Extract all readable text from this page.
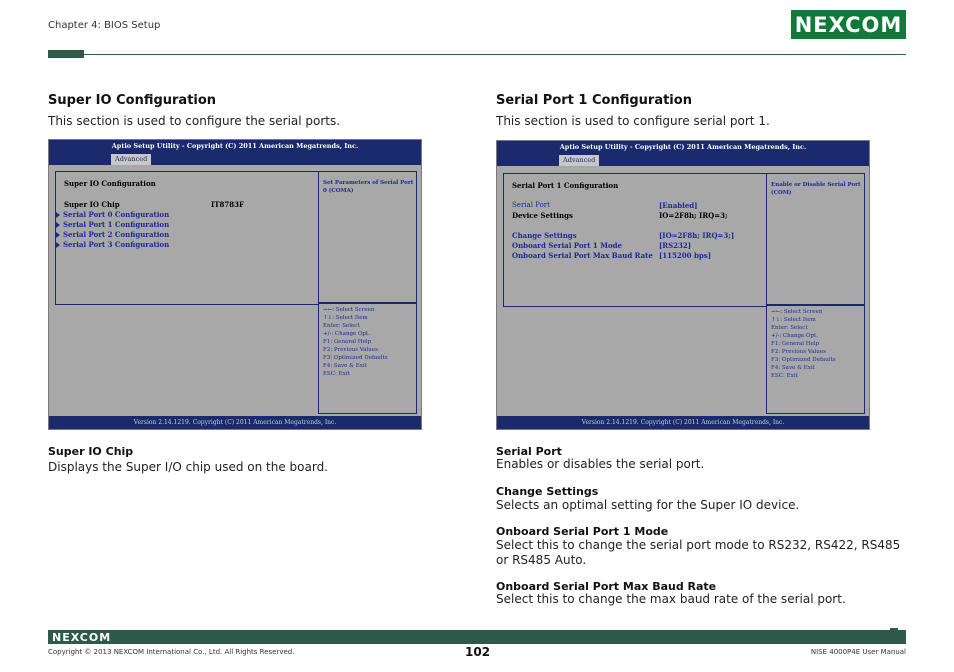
Chapter 4: BIOS Setup	NEXCOM
Super IO Configuration
This section is used to configure the serial ports.
Aptio Setup Utility - Copyright (C) 2011 American Megatrends, Inc.
Advanced
Super IO Configuration
Super IO Chip	IT8783F
Serial Port 0 Configuration
Serial Port 1 Configuration
Serial Port 2 Configuration
Serial Port 3 Configuration
Set Parameters of Serial Port
0 (COMA)
→←: Select Screen
↑↓: Select Item
Enter: Select
+/-: Change Opt.
F1: General Help
F2: Previous Values
F3: Optimized Defaults
F4: Save & Exit
ESC: Exit
Version 2.14.1219. Copyright (C) 2011 American Megatrends, Inc.
Super IO Chip
Displays the Super I/O chip used on the board.
Serial Port 1 Configuration
This section is used to configure serial port 1.
Aptio Setup Utility - Copyright (C) 2011 American Megatrends, Inc.
Advanced
Serial Port 1 Configuration
Serial Port	[Enabled]
Device Settings	IO=2F8h; IRQ=3;
Change Settings	[IO=2F8h; IRQ=3;]
Onboard Serial Port 1 Mode	[RS232]
Onboard Serial Port Max Baud Rate [115200 bps]
Enable or Disable Serial Port
(COM)
→←: Select Screen
↑↓: Select Item
Enter: Select
+/-: Change Opt.
F1: General Help
F2: Previous Values
F3: Optimized Defaults
F4: Save & Exit
ESC: Exit
Version 2.14.1219. Copyright (C) 2011 American Megatrends, Inc.
Serial Port
Enables or disables the serial port.
Change Settings
Selects an optimal setting for the Super IO device.
Onboard Serial Port 1 Mode
Select this to change the serial port mode to RS232, RS422, RS485 or RS485 Auto.
Onboard Serial Port Max Baud Rate
Select this to change the max baud rate of the serial port.
NEXCOM
Copyright © 2013 NEXCOM International Co., Ltd. All Rights Reserved.	102	NISE 4000P4E User Manual
